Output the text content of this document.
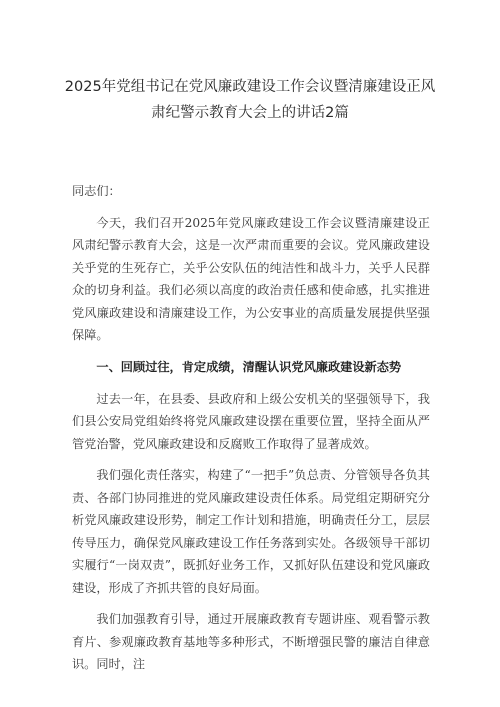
2025年党组书记在党风廉政建设工作会议暨清廉建设正风
肃纪警示教育大会上的讲话2篇

同志们：

今天，我们召开2025年党风廉政建设工作会议暨清廉建设正风肃纪警示教育大会，这是一次严肃而重要的会议。党风廉政建设关乎党的生死存亡，关乎公安队伍的纯洁性和战斗力，关乎人民群众的切身利益。我们必须以高度的政治责任感和使命感，扎实推进党风廉政建设和清廉建设工作，为公安事业的高质量发展提供坚强保障。

一、回顾过往，肯定成绩，清醒认识党风廉政建设新态势

过去一年，在县委、县政府和上级公安机关的坚强领导下，我们县公安局党组始终将党风廉政建设摆在重要位置，坚持全面从严管党治警，党风廉政建设和反腐败工作取得了显著成效。

我们强化责任落实，构建了“一把手”负总责、分管领导各负其责、各部门协同推进的党风廉政建设责任体系。局党组定期研究分析党风廉政建设形势，制定工作计划和措施，明确责任分工，层层传导压力，确保党风廉政建设工作任务落到实处。各级领导干部切实履行“一岗双责”，既抓好业务工作，又抓好队伍建设和党风廉政建设，形成了齐抓共管的良好局面。

我们加强教育引导，通过开展廉政教育专题讲座、观看警示教育片、参观廉政教育基地等多种形式，不断增强民警的廉洁自律意识。同时，注
